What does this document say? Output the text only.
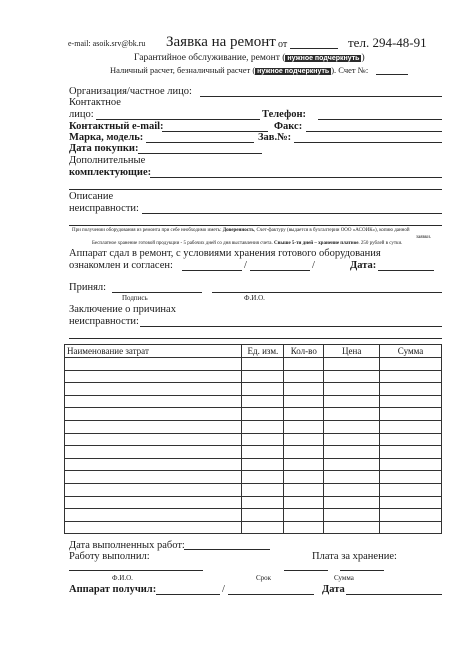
e-mail: asoik.srv@bk.ru Заявка на ремонт от	тел. 294-48-91
Гарантийное обслуживание, ремонт ( нужное подчеркнуть )
Наличный расчет, безналичный расчет ( нужное подчеркнуть ). Счет №:
Организация/частное лицо:
Контактное
лицо:	Телефон:
Контактный e-mail:	Факс:
Марка, модель:	Зав.№:
Дата покупки:
Дополнительные
комплектующие:
Описание
неисправности:
При получении оборудования из ремонта при себе необходимо иметь: Доверенность, Счет-фактуру (выдается в бухгалтерии ООО «АСОИК»), копию данной
заявки.
Бесплатное хранение готовой продукции - 5 рабочих дней со дня выставления счета. Свыше 5-ти дней – хранение платное. 250 рублей в сутки.
Аппарат сдал в ремонт, с условиями хранения готового оборудования
ознакомлен и согласен:	/	/	Дата:
Принял:
Подпись	Ф.И.О.
Заключение о причинах
неисправности:
Наименование затрат	Ед. изм.	Кол-во	Цена	Сумма

Дата выполненных работ:
Работу выполнил:	Плата за хранение:
Ф.И.О.	Срок	Сумма
Аппарат получил:	/	Дата
